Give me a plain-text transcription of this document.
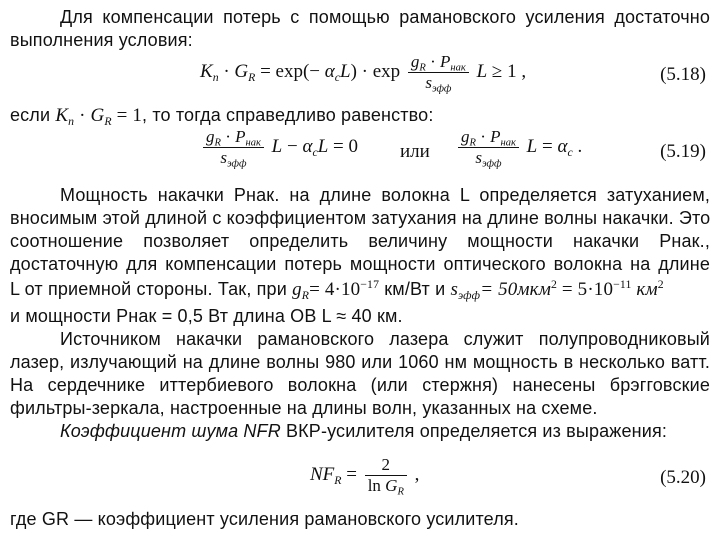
Для компенсации потерь с помощью рамановского усиления достаточно
выполнения условия:
$K_п \cdot G_R = \exp(- \alpha_сL) \cdot \exp \frac{g_R \cdot P_{нак}}{s_{эфф}}$ L ≥ 1 ,	(5.18)
если $K_п \cdot G_R = 1$, то тогда справедливо равенство:
$\frac{g_R \cdot P_{нак}}{s_{эфф}}$ $L - \alpha_сL = 0$ или $\frac{g_R \cdot P_{нак}}{s_{эфф}}$ $L = \alpha_с$ .	(5.19)
Мощность накачки Pнак. на длине волокна L определяется затуханием,
вносимым этой длиной с коэффициентом затухания на длине волны накачки. Это
соотношение позволяет определить величину мощности накачки Pнак.,
достаточную для компенсации потерь мощности оптического волокна на длине
L от приемной стороны. Так, при $g_R= 4\cdot 10^{-17}$ км/Вт и $s_{эфф}= 50мкм^2 = 5\cdot 10^{-11}$ $км^2$
и мощности Pнак = 0,5 Вт длина ОВ L ≈ 40 км.
Источником накачки рамановского лазера служит полупроводниковый
лазер, излучающий на длине волны 980 или 1060 нм мощность в несколько ватт.
На сердечнике иттербиевого волокна (или стержня) нанесены брэгговские
фильтры-зеркала, настроенные на длины волн, указанных на схеме.
Коэффициент шума NFR ВКР-усилителя определяется из выражения:
$NF_R = \frac{2}{\ln G_R}$ ,	(5.20)
где GR — коэффициент усиления рамановского усилителя.
